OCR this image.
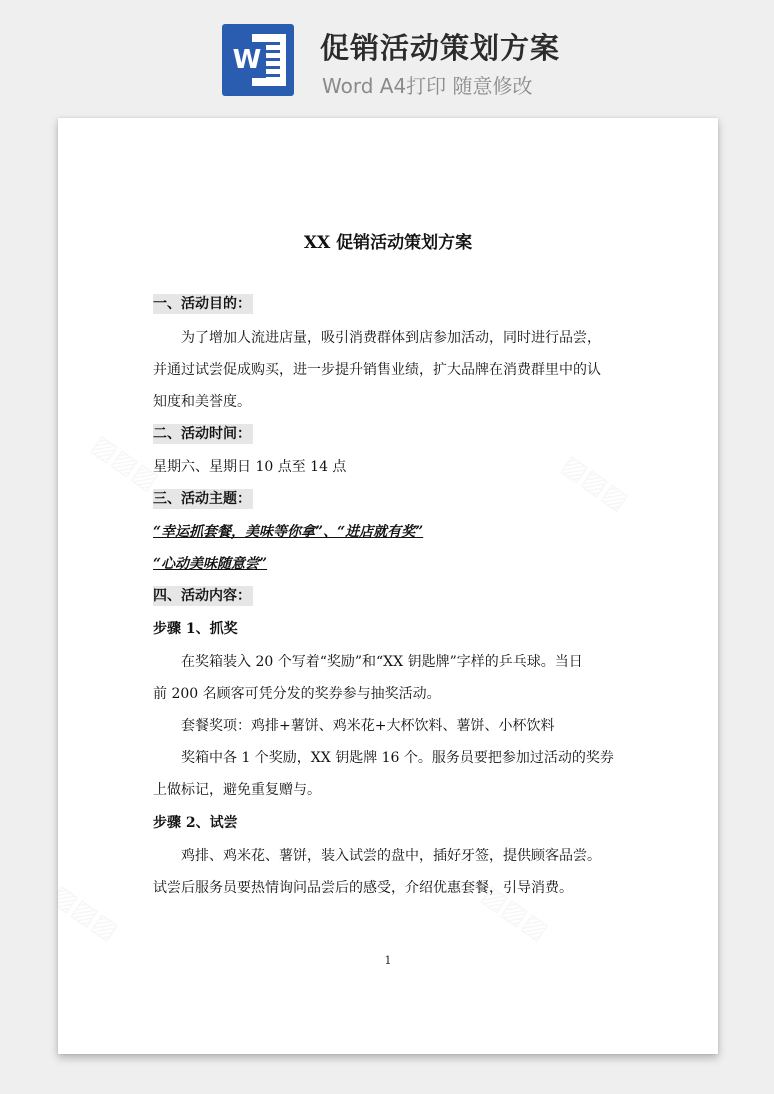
W 促销活动策划方案
Word A4打印 随意修改
XX 促销活动策划方案
一、活动目的：
为了增加人流进店量，吸引消费群体到店参加活动，同时进行品尝，
并通过试尝促成购买，进一步提升销售业绩，扩大品牌在消费群里中的认
知度和美誉度。
二、活动时间：
星期六、星期日 10 点至 14 点
三、活动主题：
“幸运抓套餐，美味等你拿”、“进店就有奖”
“心动美味随意尝”
四、活动内容：
步骤 1、抓奖
在奖箱装入 20 个写着“奖励”和“XX 钥匙牌”字样的乒乓球。当日
前 200 名顾客可凭分发的奖券参与抽奖活动。
套餐奖项：鸡排+薯饼、鸡米花+大杯饮料、薯饼、小杯饮料
奖箱中各 1 个奖励，XX 钥匙牌 16 个。服务员要把参加过活动的奖券
上做标记，避免重复赠与。
步骤 2、试尝
鸡排、鸡米花、薯饼，装入试尝的盘中，插好牙签，提供顾客品尝。
试尝后服务员要热情询问品尝后的感受，介绍优惠套餐，引导消费。
1
